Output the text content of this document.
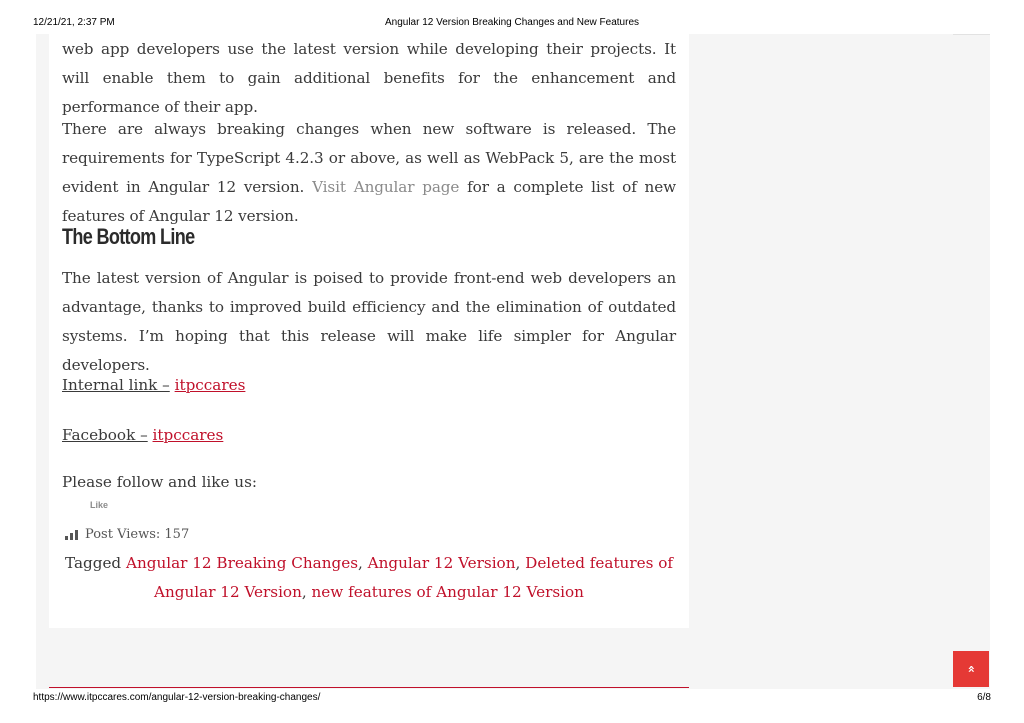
12/21/21, 2:37 PM	Angular 12 Version Breaking Changes and New Features

web app developers use the latest version while developing their projects. It will enable them to gain additional benefits for the enhancement and performance of their app.

There are always breaking changes when new software is released. The requirements for TypeScript 4.2.3 or above, as well as WebPack 5, are the most evident in Angular 12 version. Visit Angular page for a complete list of new features of Angular 12 version.

The Bottom Line

The latest version of Angular is poised to provide front-end web developers an advantage, thanks to improved build efficiency and the elimination of outdated systems. I’m hoping that this release will make life simpler for Angular developers.

Internal link – itpccares
Facebook – itpccares
Please follow and like us:
Like
Post Views: 157
Tagged Angular 12 Breaking Changes, Angular 12 Version, Deleted features of Angular 12 Version, new features of Angular 12 Version
»
https://www.itpccares.com/angular-12-version-breaking-changes/	6/8
